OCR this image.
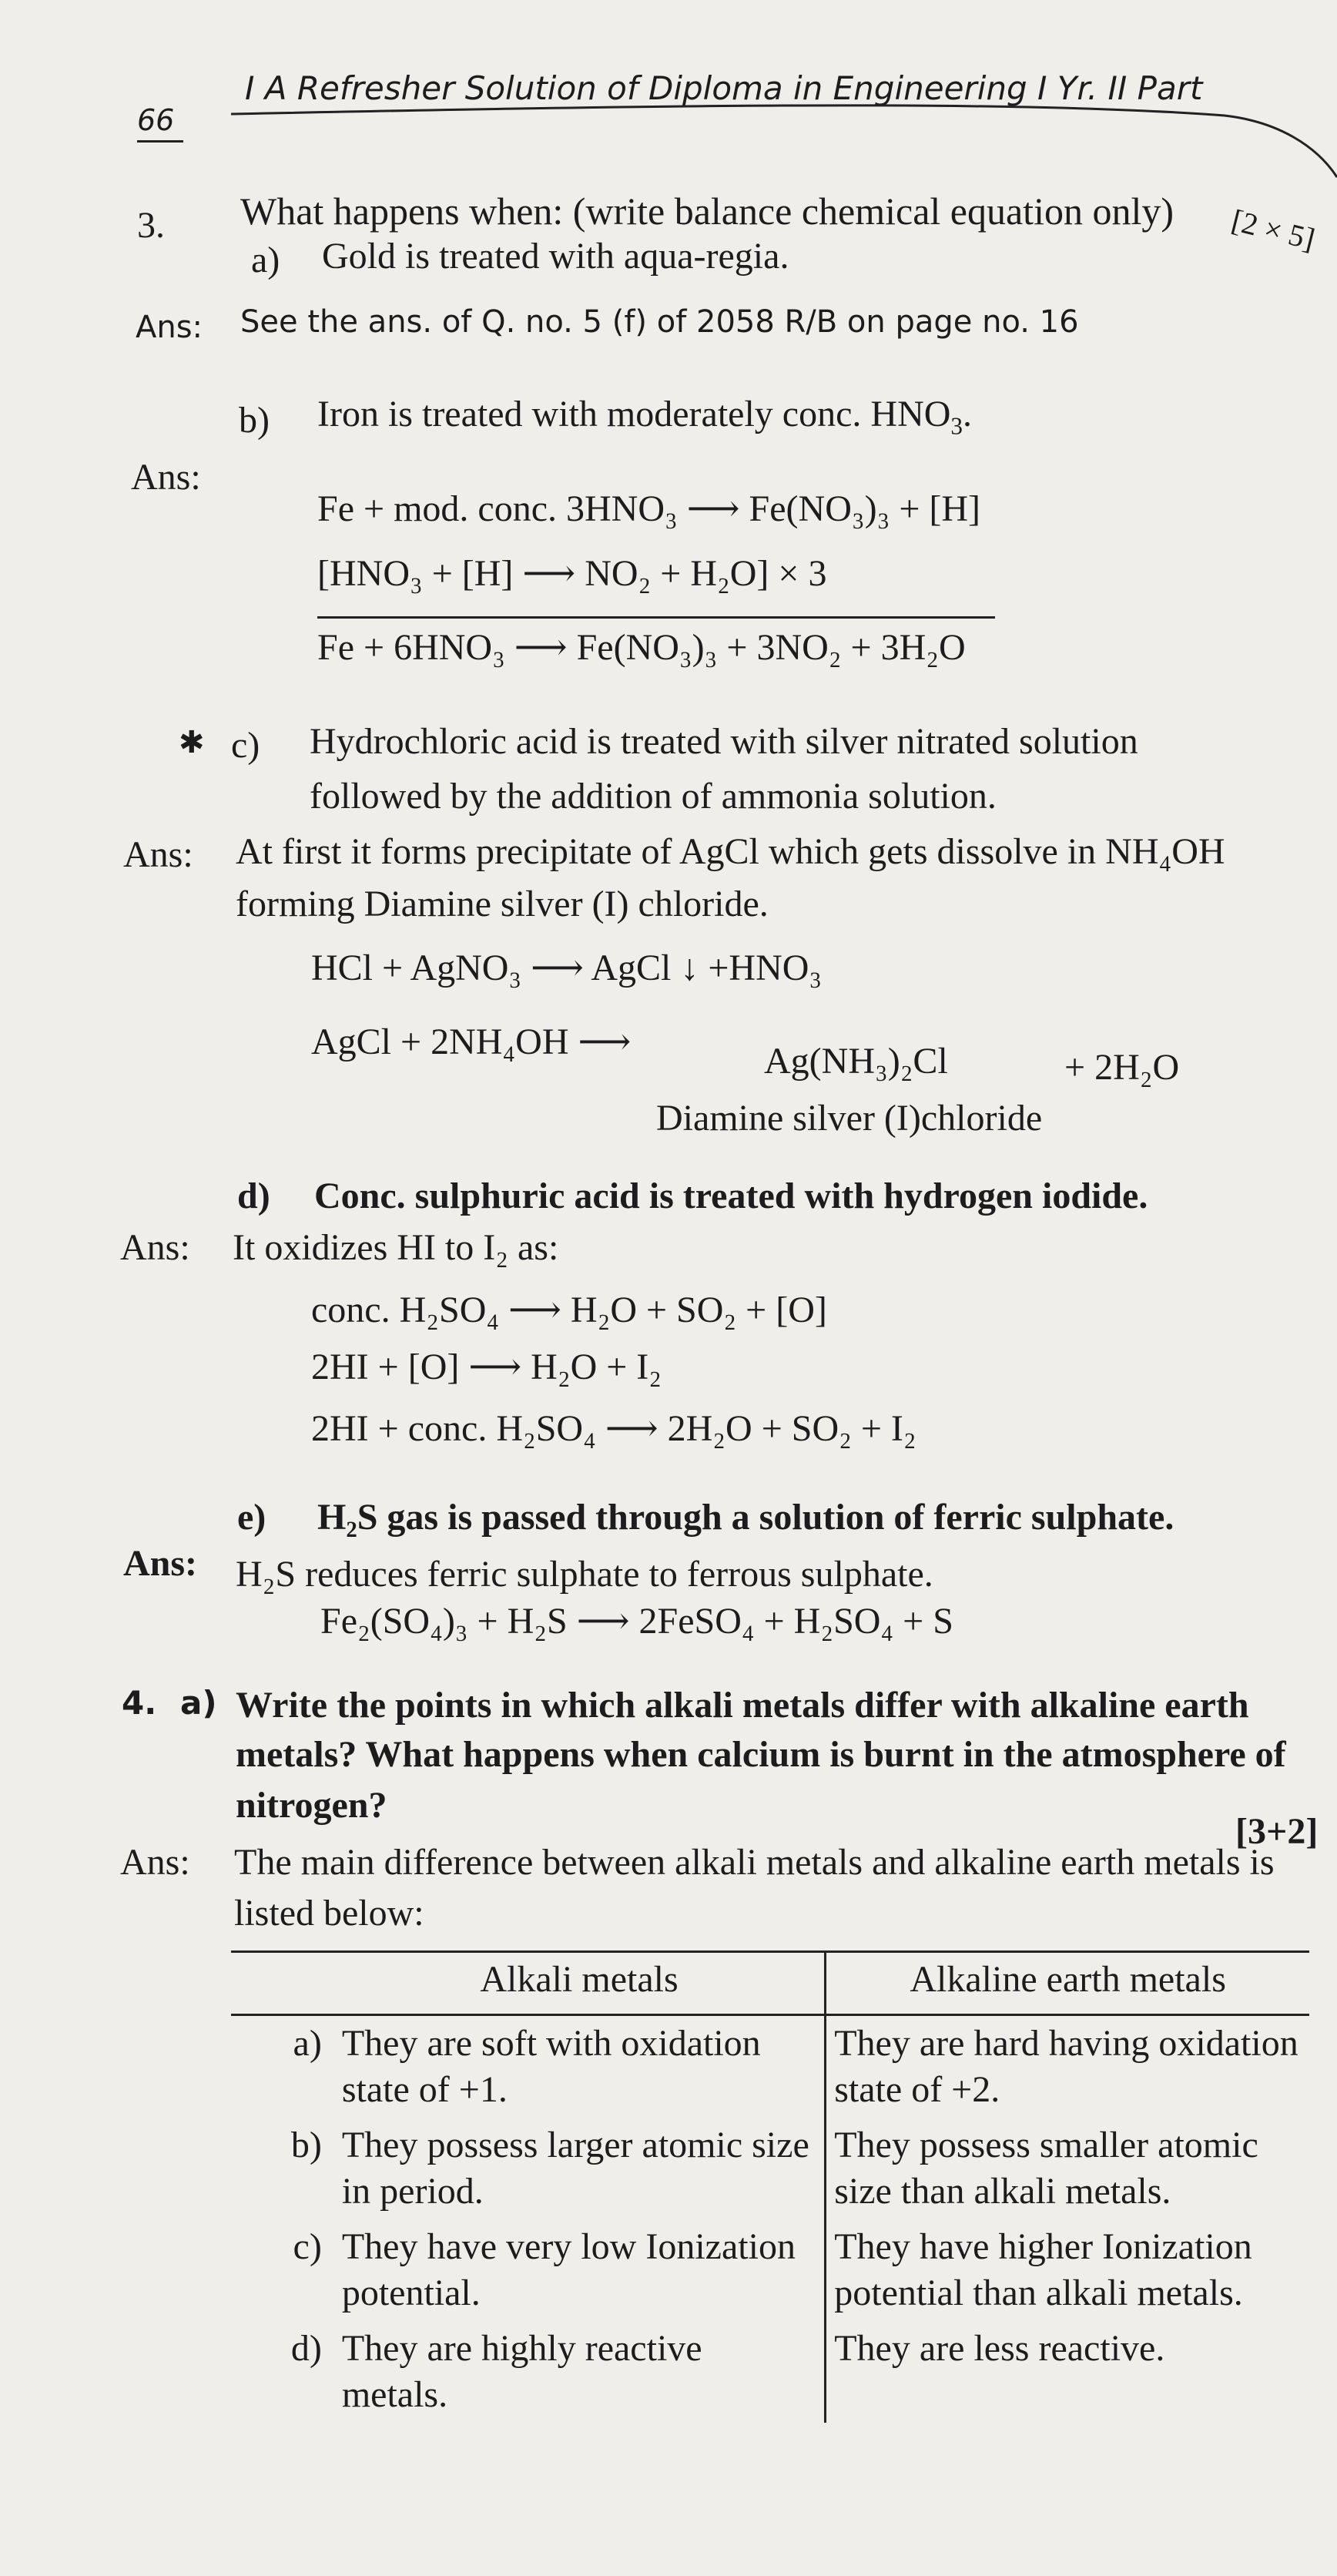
66
I A Refresher Solution of Diploma in Engineering I Yr. II Part
3. What happens when: (write balance chemical equation only) [2 × 5]
a) Gold is treated with aqua-regia.
Ans: See the ans. of Q. no. 5 (f) of 2058 R/B on page no. 16
b) Iron is treated with moderately conc. $HNO_3$.
Ans:
Fe + mod. conc. 3HNO₃ ⟶ Fe(NO₃)₃ + [H]
[HNO₃ + [H] ⟶ NO₂ + H₂O] × 3
Fe + 6HNO₃ ⟶ Fe(NO₃)₃ + 3NO₂ + 3H₂O
✱ c) Hydrochloric acid is treated with silver nitrated solution
followed by the addition of ammonia solution.
Ans: At first it forms precipitate of AgCl which gets dissolve in NH₄OH
forming Diamine silver (I) chloride.
HCl + AgNO₃ ⟶ AgCl ↓ +HNO₃
AgCl + 2NH₄OH ⟶	Ag(NH₃)₂Cl	+ 2H₂O
Diamine silver (I)chloride
d) Conc. sulphuric acid is treated with hydrogen iodide.
Ans: It oxidizes HI to I₂ as:
conc. H₂SO₄ ⟶ H₂O + SO₂ + [O]
2HI + [O] ⟶ H₂O + I₂
2HI + conc. H₂SO₄ ⟶ 2H₂O + SO₂ + I₂
e) H₂S gas is passed through a solution of ferric sulphate.
Ans: H₂S reduces ferric sulphate to ferrous sulphate.
Fe₂(SO₄)₃ + H₂S ⟶ 2FeSO₄ + H₂SO₄ + S
4. a) Write the points in which alkali metals differ with alkaline earth
metals? What happens when calcium is burnt in the atmosphere of
nitrogen?
[3+2]
Ans: The main difference between alkali metals and alkaline earth metals is
listed below:
	Alkali metals	Alkaline earth metals
a)	They are soft with oxidation state of +1.	They are hard having oxidation state of +2.
b)	They possess larger atomic size in period.	They possess smaller atomic size than alkali metals.
c)	They have very low Ionization potential.	They have higher Ionization potential than alkali metals.
d)	They are highly reactive metals.	They are less reactive.
